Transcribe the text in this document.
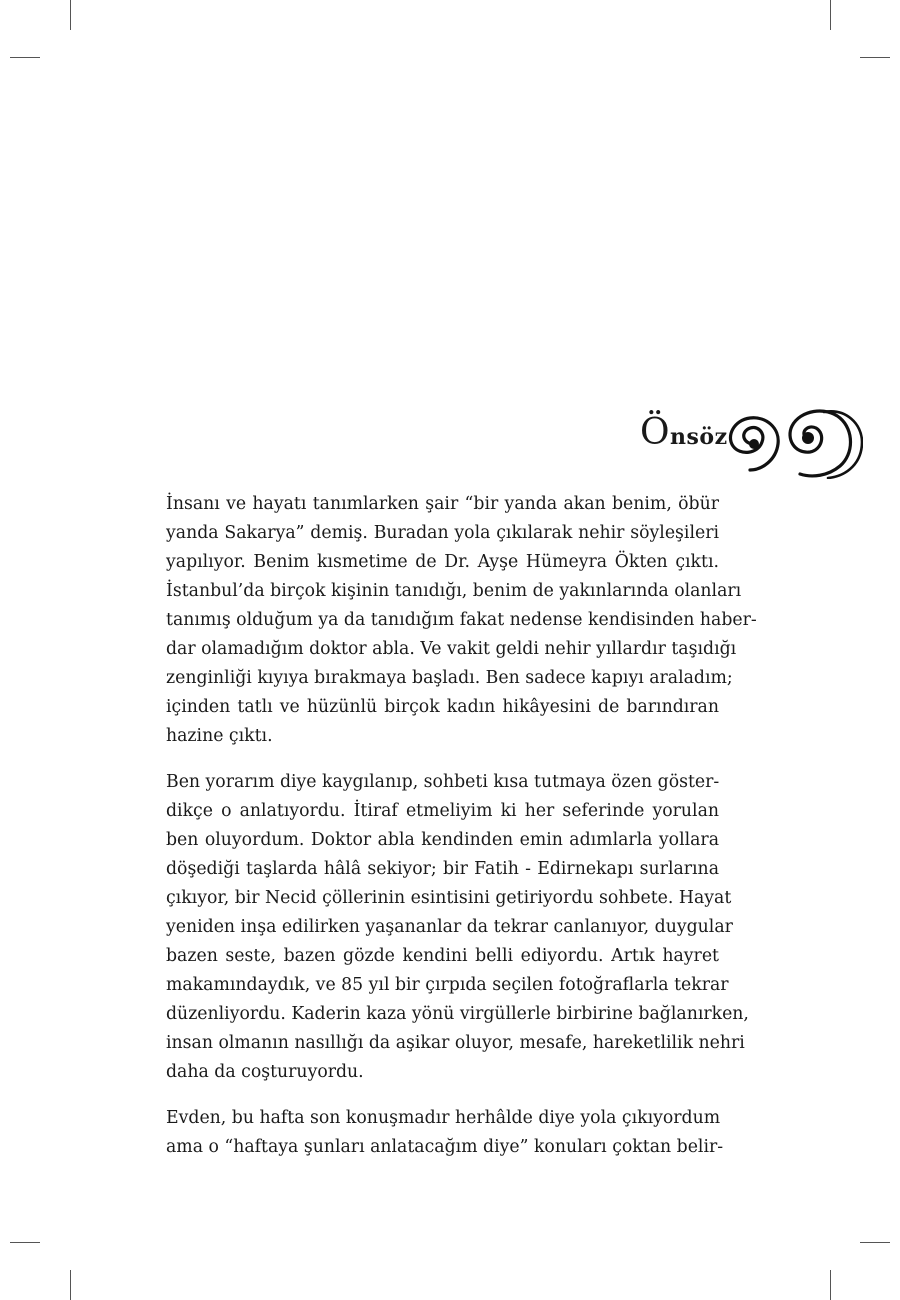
Önsöz
İnsanı ve hayatı tanımlarken şair “bir yanda akan benim, öbür
yanda Sakarya” demiş. Buradan yola çıkılarak nehir söyleşileri
yapılıyor. Benim kısmetime de Dr. Ayşe Hümeyra Ökten çıktı.
İstanbul’da birçok kişinin tanıdığı, benim de yakınlarında olanları
tanımış olduğum ya da tanıdığım fakat nedense kendisinden haber-
dar olamadığım doktor abla. Ve vakit geldi nehir yıllardır taşıdığı
zenginliği kıyıya bırakmaya başladı. Ben sadece kapıyı araladım;
içinden tatlı ve hüzünlü birçok kadın hikâyesini de barındıran
hazine çıktı.
Ben yorarım diye kaygılanıp, sohbeti kısa tutmaya özen göster-
dikçe o anlatıyordu. İtiraf etmeliyim ki her seferinde yorulan
ben oluyordum. Doktor abla kendinden emin adımlarla yollara
döşediği taşlarda hâlâ sekiyor; bir Fatih - Edirnekapı surlarına
çıkıyor, bir Necid çöllerinin esintisini getiriyordu sohbete. Hayat
yeniden inşa edilirken yaşananlar da tekrar canlanıyor, duygular
bazen seste, bazen gözde kendini belli ediyordu. Artık hayret
makamındaydık, ve 85 yıl bir çırpıda seçilen fotoğraflarla tekrar
düzenliyordu. Kaderin kaza yönü virgüllerle birbirine bağlanırken,
insan olmanın nasıllığı da aşikar oluyor, mesafe, hareketlilik nehri
daha da coşturuyordu.
Evden, bu hafta son konuşmadır herhâlde diye yola çıkıyordum
ama o “haftaya şunları anlatacağım diye” konuları çoktan belir-
